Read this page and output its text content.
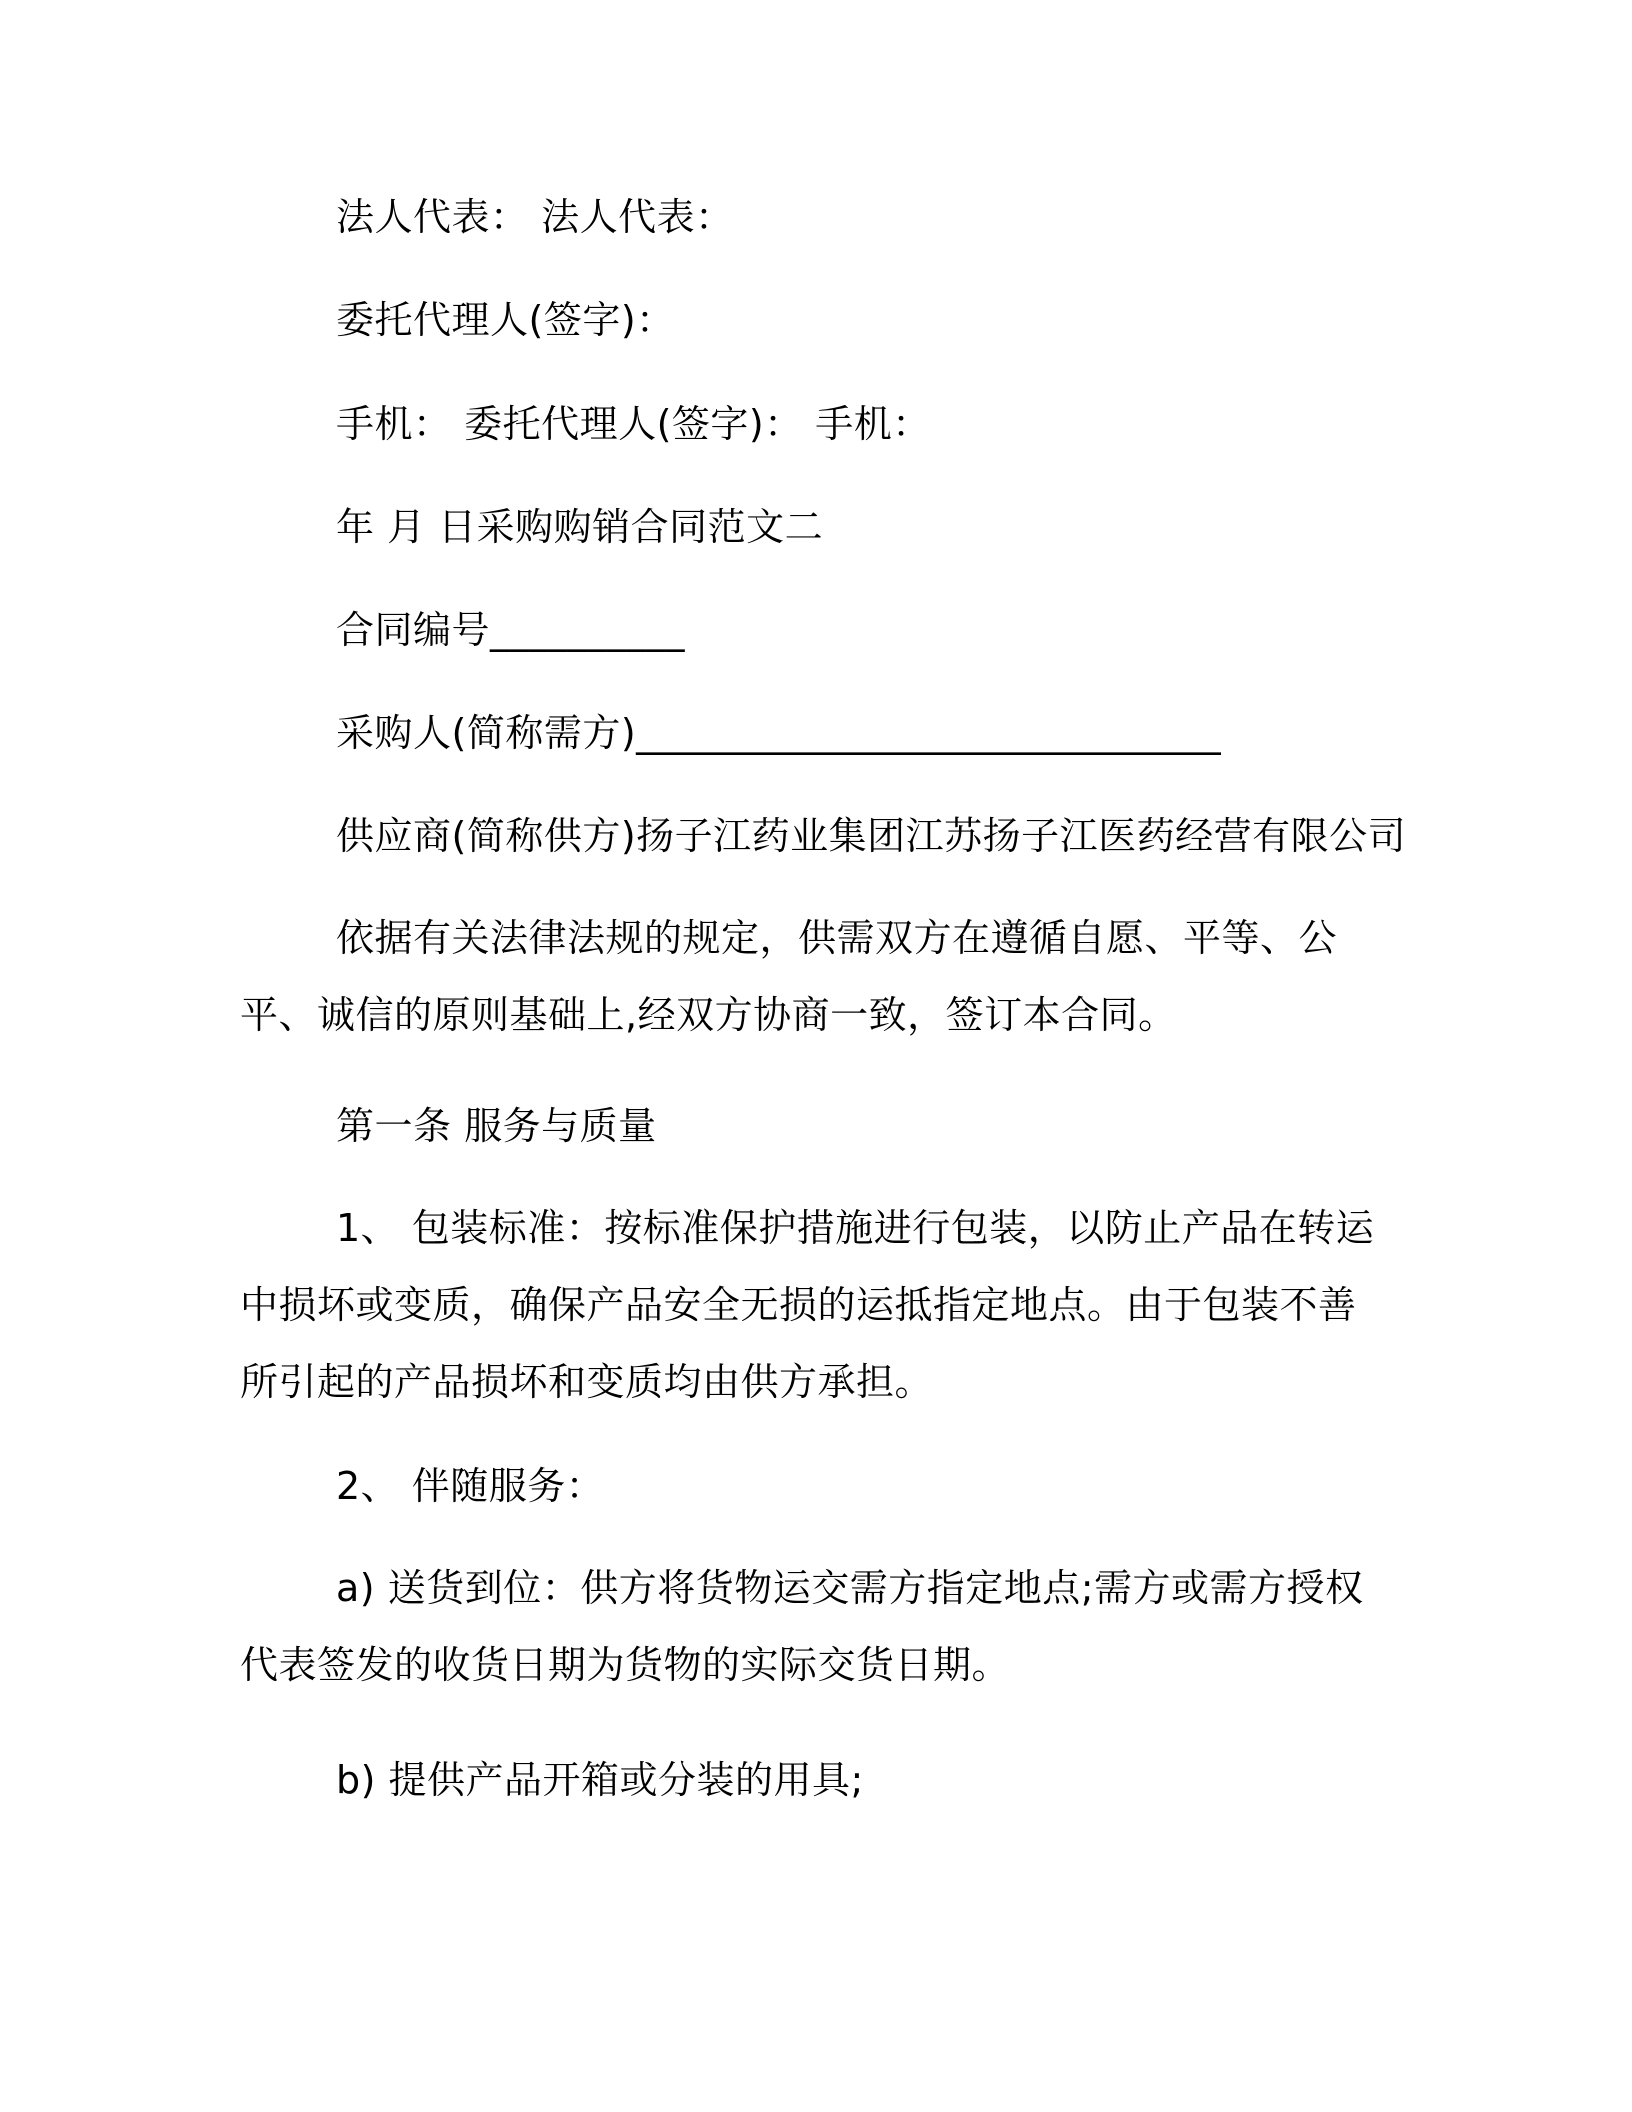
法人代表： 法人代表：
委托代理人(签字)：
手机： 委托代理人(签字)： 手机：
年 月 日采购购销合同范文二
合同编号__________
采购人(简称需方)______________________________
供应商(简称供方)扬子江药业集团江苏扬子江医药经营有限公司
依据有关法律法规的规定，供需双方在遵循自愿、平等、公平、诚信的原则基础上,经双方协商一致，签订本合同。
第一条 服务与质量
1、 包装标准：按标准保护措施进行包装，以防止产品在转运中损坏或变质，确保产品安全无损的运抵指定地点。由于包装不善所引起的产品损坏和变质均由供方承担。
2、 伴随服务：
a) 送货到位：供方将货物运交需方指定地点;需方或需方授权代表签发的收货日期为货物的实际交货日期。
b) 提供产品开箱或分装的用具;
